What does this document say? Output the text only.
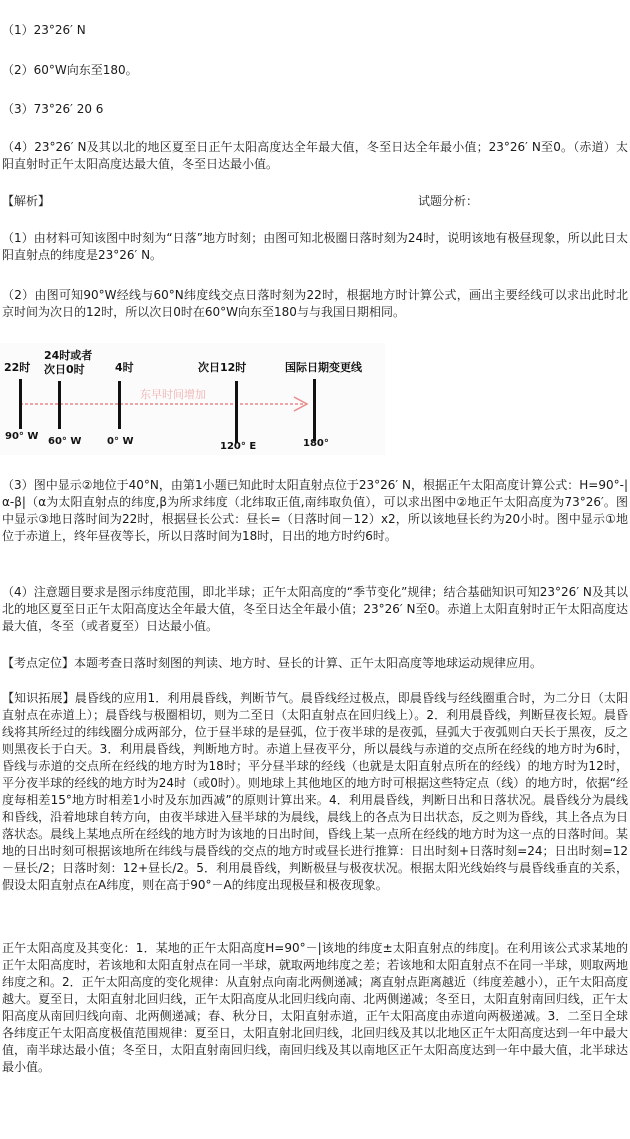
（1）23°26′ N
（2）60°W向东至180。
（3）73°26′ 20 6
（4）23°26′ N及其以北的地区夏至日正午太阳高度达全年最大值，冬至日达全年最小值；23°26′ N至0。（赤道）太阳直射时正午太阳高度达最大值，冬至日达最小值。
【解析】	试题分析：
（1）由材料可知该图中时刻为“日落”地方时刻；由图可知北极圈日落时刻为24时，说明该地有极昼现象，所以此日太阳直射点的纬度是23°26′ N。
（2）由图可知90°W经线与60°N纬度线交点日落时刻为22时，根据地方时计算公式，画出主要经线可以求出此时北京时间为次日的12时，所以次日0时在60°W向东至180与与我国日期相同。
22时
24时或者
次日0时	4时	次日12时	国际日期变更线
东早时间增加
90° W 60° W	0° W	120° E	180°
（3）图中显示②地位于40°N，由第1小题已知此时太阳直射点位于23°26′ N，根据正午太阳高度计算公式：H=90°-|α-β|（α为太阳直射点的纬度,β为所求纬度（北纬取正值,南纬取负值），可以求出图中②地正午太阳高度为73°26′。图中显示③地日落时间为22时，根据昼长公式：昼长=（日落时间－12）x2，所以该地昼长约为20小时。图中显示①地位于赤道上，终年昼夜等长，所以日落时间为18时，日出的地方时约6时。
（4）注意题目要求是图示纬度范围，即北半球；正午太阳高度的“季节变化”规律；结合基础知识可知23°26′ N及其以北的地区夏至日正午太阳高度达全年最大值，冬至日达全年最小值；23°26′ N至0。赤道上太阳直射时正午太阳高度达最大值，冬至（或者夏至）日达最小值。
【考点定位】本题考查日落时刻图的判读、地方时、昼长的计算、正午太阳高度等地球运动规律应用。
【知识拓展】晨昏线的应用1．利用晨昏线，判断节气。晨昏线经过极点，即晨昏线与经线圈重合时，为二分日（太阳直射点在赤道上）；晨昏线与极圈相切，则为二至日（太阳直射点在回归线上）。2．利用晨昏线，判断昼夜长短。晨昏线将其所经过的纬线圈分成两部分，位于昼半球的是昼弧，位于夜半球的是夜弧，昼弧大于夜弧则白天长于黑夜，反之则黑夜长于白天。3．利用晨昏线，判断地方时。赤道上昼夜平分，所以晨线与赤道的交点所在经线的地方时为6时，昏线与赤道的交点所在经线的地方时为18时；平分昼半球的经线（也就是太阳直射点所在的经线）的地方时为12时，平分夜半球的经线的地方时为24时（或0时）。则地球上其他地区的地方时可根据这些特定点（线）的地方时，依据“经度每相差15°地方时相差1小时及东加西减”的原则计算出来。4．利用晨昏线，判断日出和日落状况。晨昏线分为晨线和昏线，沿着地球自转方向，由夜半球进入昼半球的为晨线，晨线上的各点为日出状态，反之则为昏线，其上各点为日落状态。晨线上某地点所在经线的地方时为该地的日出时间，昏线上某一点所在经线的地方时为这一点的日落时间。某地的日出时刻可根据该地所在纬线与晨昏线的交点的地方时或昼长进行推算：日出时刻+日落时刻=24；日出时刻=12－昼长/2；日落时刻：12+昼长/2。5．利用晨昏线，判断极昼与极夜状况。根据太阳光线始终与晨昏线垂直的关系，假设太阳直射点在A纬度，则在高于90°－A的纬度出现极昼和极夜现象。
正午太阳高度及其变化：1．某地的正午太阳高度H=90°－|该地的纬度±太阳直射点的纬度|。在利用该公式求某地的正午太阳高度时，若该地和太阳直射点在同一半球，就取两地纬度之差；若该地和太阳直射点不在同一半球，则取两地纬度之和。2．正午太阳高度的变化规律：从直射点向南北两侧递减；离直射点距离越近（纬度差越小），正午太阳高度越大。夏至日，太阳直射北回归线，正午太阳高度从北回归线向南、北两侧递减；冬至日，太阳直射南回归线，正午太阳高度从南回归线向南、北两侧递减；春、秋分日，太阳直射赤道，正午太阳高度由赤道向两极递减。3．二至日全球各纬度正午太阳高度极值范围规律：夏至日，太阳直射北回归线，北回归线及其以北地区正午太阳高度达到一年中最大值，南半球达最小值；冬至日，太阳直射南回归线，南回归线及其以南地区正午太阳高度达到一年中最大值，北半球达最小值。
